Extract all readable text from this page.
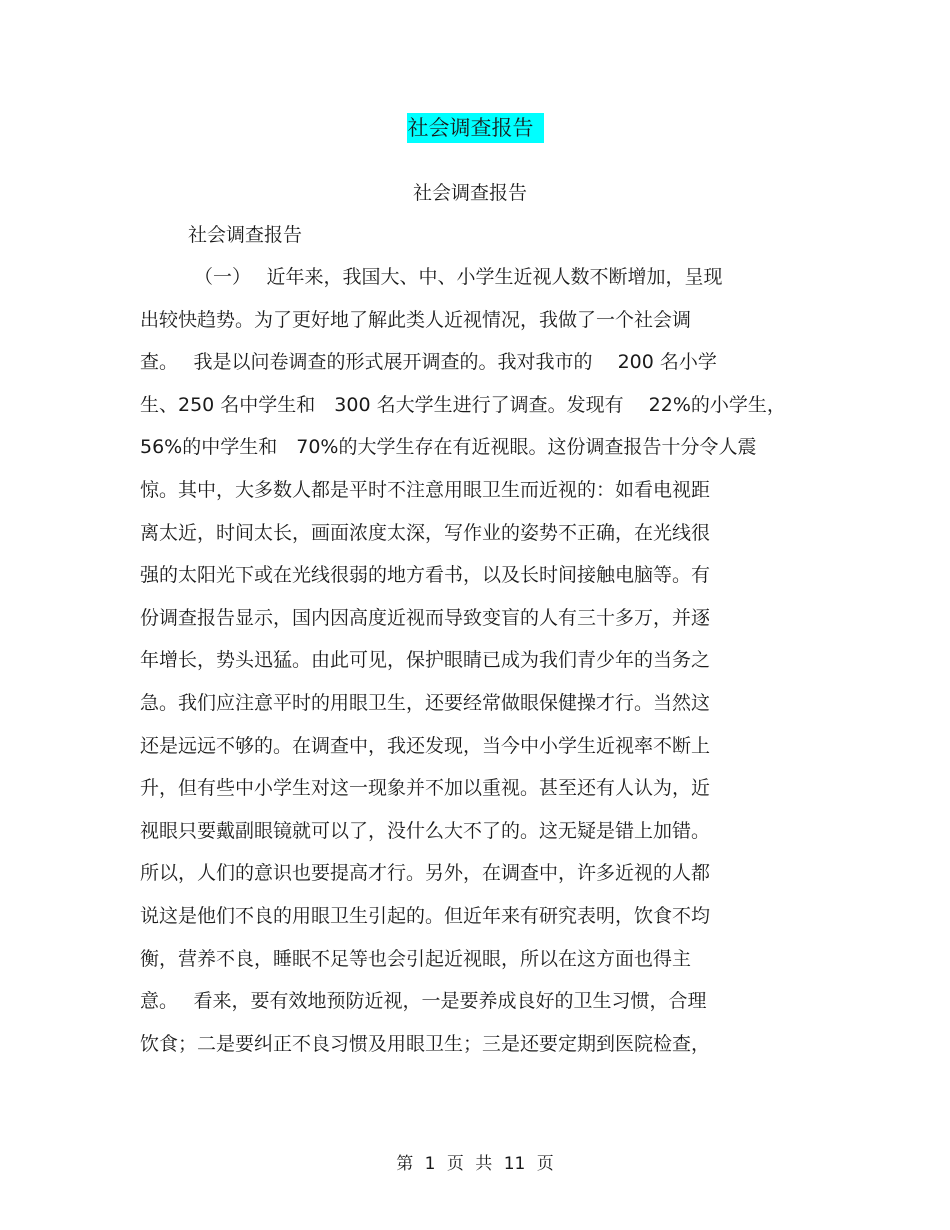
社会调查报告
社会调查报告
社会调查报告
（一）　 近年来，我国大、中、小学生近视人数不断增加，呈现
出较快趋势。为了更好地了解此类人近视情况，我做了一个社会调
查。　 我是以问卷调查的形式展开调查的。我对我市的　 200 名小学
生、250 名中学生和　300 名大学生进行了调查。发现有　 22%的小学生，
56%的中学生和　70%的大学生存在有近视眼。这份调查报告十分令人震
惊。其中，大多数人都是平时不注意用眼卫生而近视的：如看电视距
离太近，时间太长，画面浓度太深，写作业的姿势不正确，在光线很
强的太阳光下或在光线很弱的地方看书，以及长时间接触电脑等。有
份调查报告显示，国内因高度近视而导致变盲的人有三十多万，并逐
年增长，势头迅猛。由此可见，保护眼睛已成为我们青少年的当务之
急。我们应注意平时的用眼卫生，还要经常做眼保健操才行。当然这
还是远远不够的。在调查中，我还发现，当今中小学生近视率不断上
升，但有些中小学生对这一现象并不加以重视。甚至还有人认为，近
视眼只要戴副眼镜就可以了，没什么大不了的。这无疑是错上加错。
所以，人们的意识也要提高才行。另外，在调查中，许多近视的人都
说这是他们不良的用眼卫生引起的。但近年来有研究表明，饮食不均
衡，营养不良，睡眠不足等也会引起近视眼，所以在这方面也得主
意。　 看来，要有效地预防近视，一是要养成良好的卫生习惯，合理
饮食；二是要纠正不良习惯及用眼卫生；三是还要定期到医院检查，
第 1 页 共 11 页
